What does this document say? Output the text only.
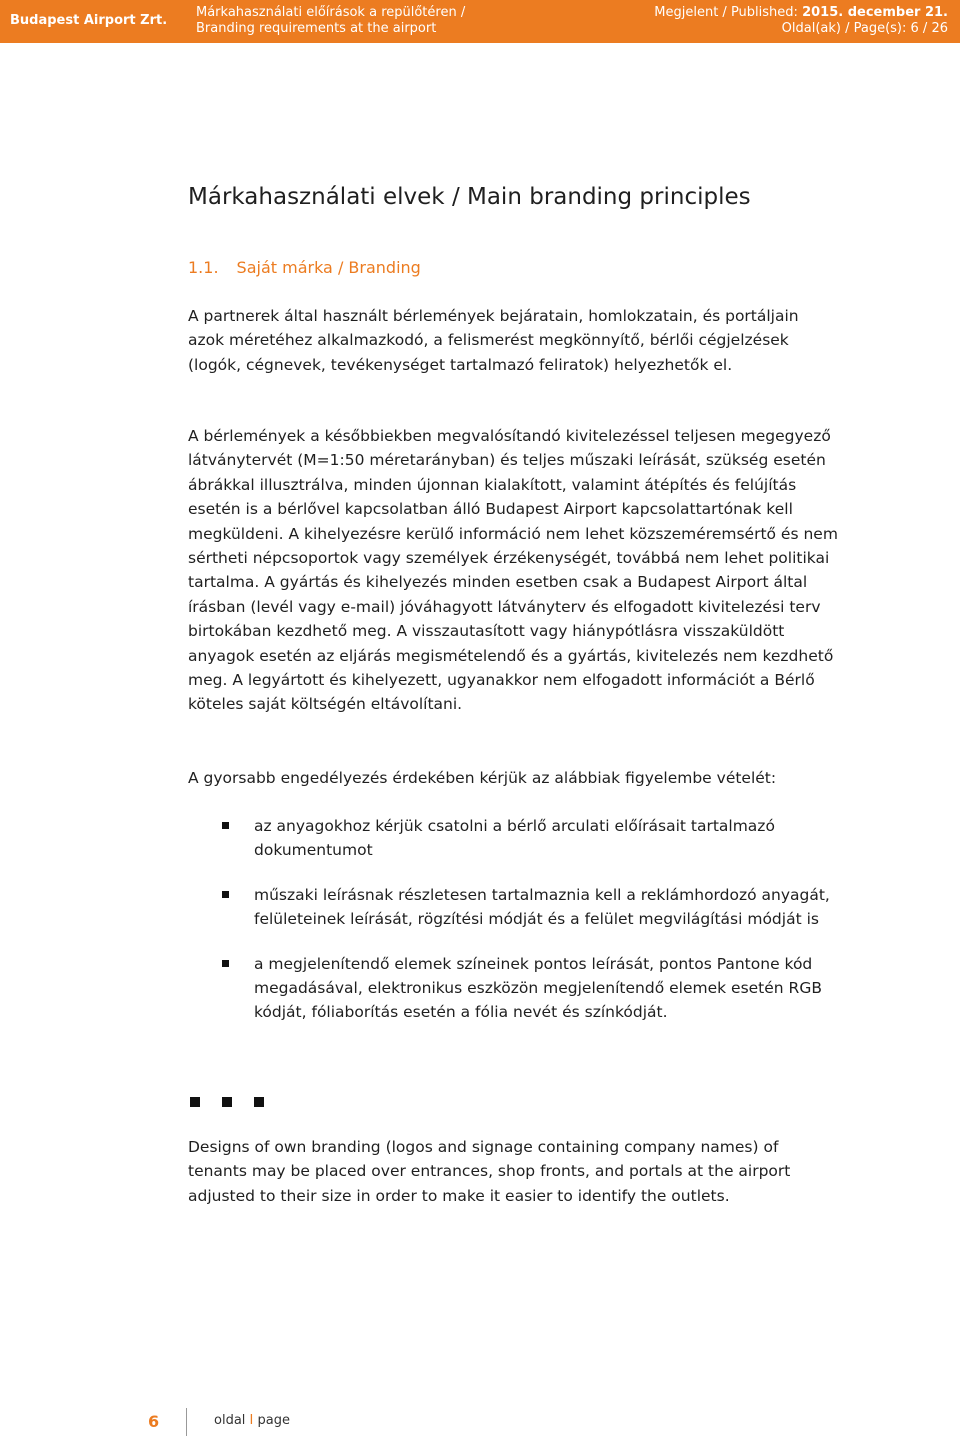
Budapest Airport Zrt.
Márkahasználati előírások a repülőtéren /
Branding requirements at the airport
Megjelent / Published: 2015. december 21.
Oldal(ak) / Page(s): 6 / 26
Márkahasználati elvek / Main branding principles
1.1. Saját márka / Branding

A partnerek által használt bérlemények bejáratain, homlokzatain, és portáljain azok méretéhez alkalmazkodó, a felismerést megkönnyítő, bérlői cégjelzések (logók, cégnevek, tevékenységet tartalmazó feliratok) helyezhetők el.

A bérlemények a későbbiekben megvalósítandó kivitelezéssel teljesen megegyező látványtervét (M=1:50 méretarányban) és teljes műszaki leírását, szükség esetén ábrákkal illusztrálva, minden újonnan kialakított, valamint átépítés és felújítás esetén is a bérlővel kapcsolatban álló Budapest Airport kapcsolattartónak kell megküldeni. A kihelyezésre kerülő információ nem lehet közszeméremsértő és nem sértheti népcsoportok vagy személyek érzékenységét, továbbá nem lehet politikai tartalma. A gyártás és kihelyezés minden esetben csak a Budapest Airport által írásban (levél vagy e-mail) jóváhagyott látványterv és elfogadott kivitelezési terv birtokában kezdhető meg. A visszautasított vagy hiánypótlásra visszaküldött anyagok esetén az eljárás megismételendő és a gyártás, kivitelezés nem kezdhető meg. A legyártott és kihelyezett, ugyanakkor nem elfogadott információt a Bérlő köteles saját költségén eltávolítani.

A gyorsabb engedélyezés érdekében kérjük az alábbiak figyelembe vételét:

az anyagokhoz kérjük csatolni a bérlő arculati előírásait tartalmazó dokumentumot
műszaki leírásnak részletesen tartalmaznia kell a reklámhordozó anyagát, felületeinek leírását, rögzítési módját és a felület megvilágítási módját is
a megjelenítendő elemek színeinek pontos leírását, pontos Pantone kód megadásával, elektronikus eszközön megjelenítendő elemek esetén RGB kódját, fóliaborítás esetén a fólia nevét és színkódját.

Designs of own branding (logos and signage containing company names) of tenants may be placed over entrances, shop fronts, and portals at the airport adjusted to their size in order to make it easier to identify the outlets.

6	oldal I page
